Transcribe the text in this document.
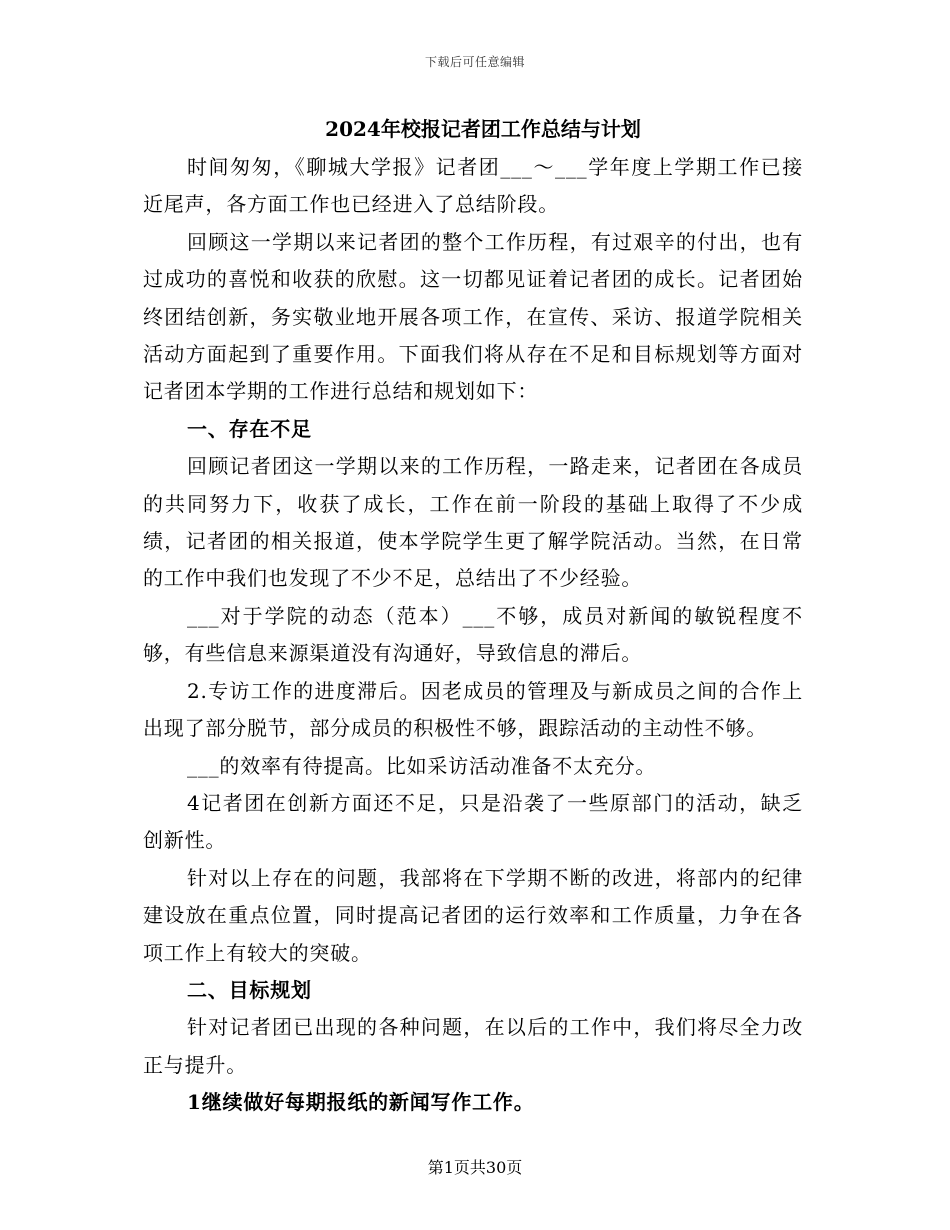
下载后可任意编辑
2024年校报记者团工作总结与计划

时间匆匆，《聊城大学报》记者团___～___学年度上学期工作已接近尾声，各方面工作也已经进入了总结阶段。

回顾这一学期以来记者团的整个工作历程，有过艰辛的付出，也有过成功的喜悦和收获的欣慰。这一切都见证着记者团的成长。记者团始终团结创新，务实敬业地开展各项工作，在宣传、采访、报道学院相关活动方面起到了重要作用。下面我们将从存在不足和目标规划等方面对记者团本学期的工作进行总结和规划如下：

一、存在不足

回顾记者团这一学期以来的工作历程，一路走来，记者团在各成员的共同努力下，收获了成长，工作在前一阶段的基础上取得了不少成绩，记者团的相关报道，使本学院学生更了解学院活动。当然，在日常的工作中我们也发现了不少不足，总结出了不少经验。

___对于学院的动态（范本）___不够，成员对新闻的敏锐程度不够，有些信息来源渠道没有沟通好，导致信息的滞后。

2.专访工作的进度滞后。因老成员的管理及与新成员之间的合作上出现了部分脱节，部分成员的积极性不够，跟踪活动的主动性不够。

___的效率有待提高。比如采访活动准备不太充分。

4记者团在创新方面还不足，只是沿袭了一些原部门的活动，缺乏创新性。

针对以上存在的问题，我部将在下学期不断的改进，将部内的纪律建设放在重点位置，同时提高记者团的运行效率和工作质量，力争在各项工作上有较大的突破。

二、目标规划

针对记者团已出现的各种问题，在以后的工作中，我们将尽全力改正与提升。

1继续做好每期报纸的新闻写作工作。

第1页共30页
